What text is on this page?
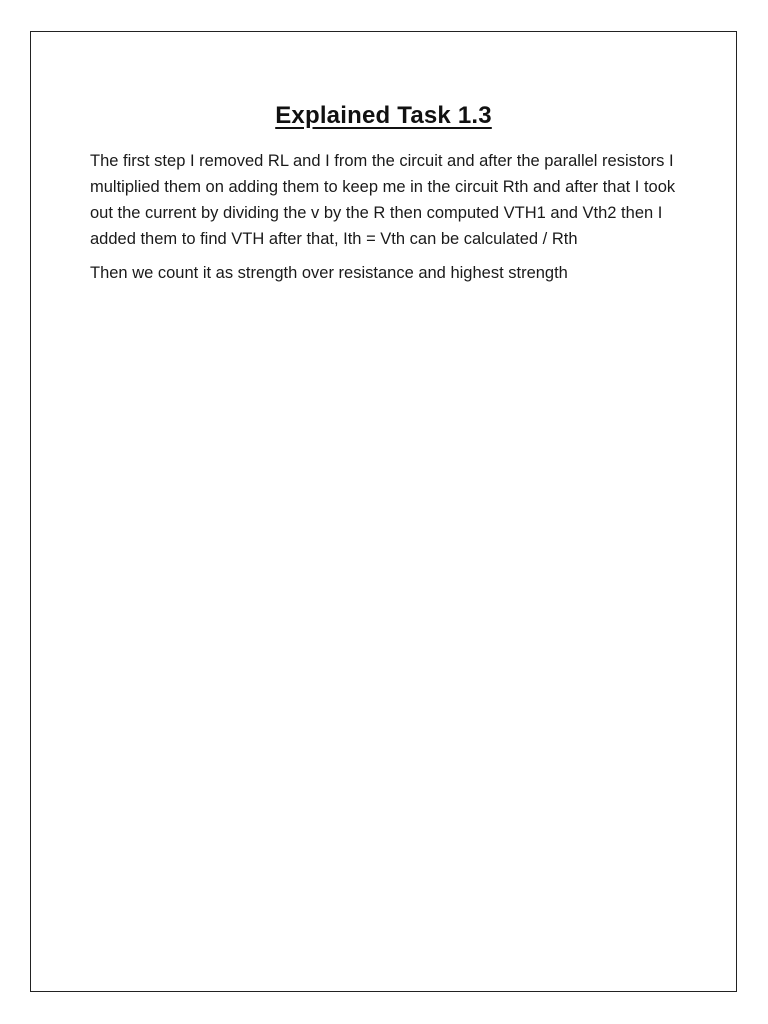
Explained Task 1.3

The first step I removed RL and I from the circuit and after the parallel resistors I multiplied them on adding them to keep me in the circuit Rth and after that I took out the current by dividing the v by the R then computed VTH1 and Vth2 then I added them to find VTH after that, Ith = Vth can be calculated / Rth

Then we count it as strength over resistance and highest strength
